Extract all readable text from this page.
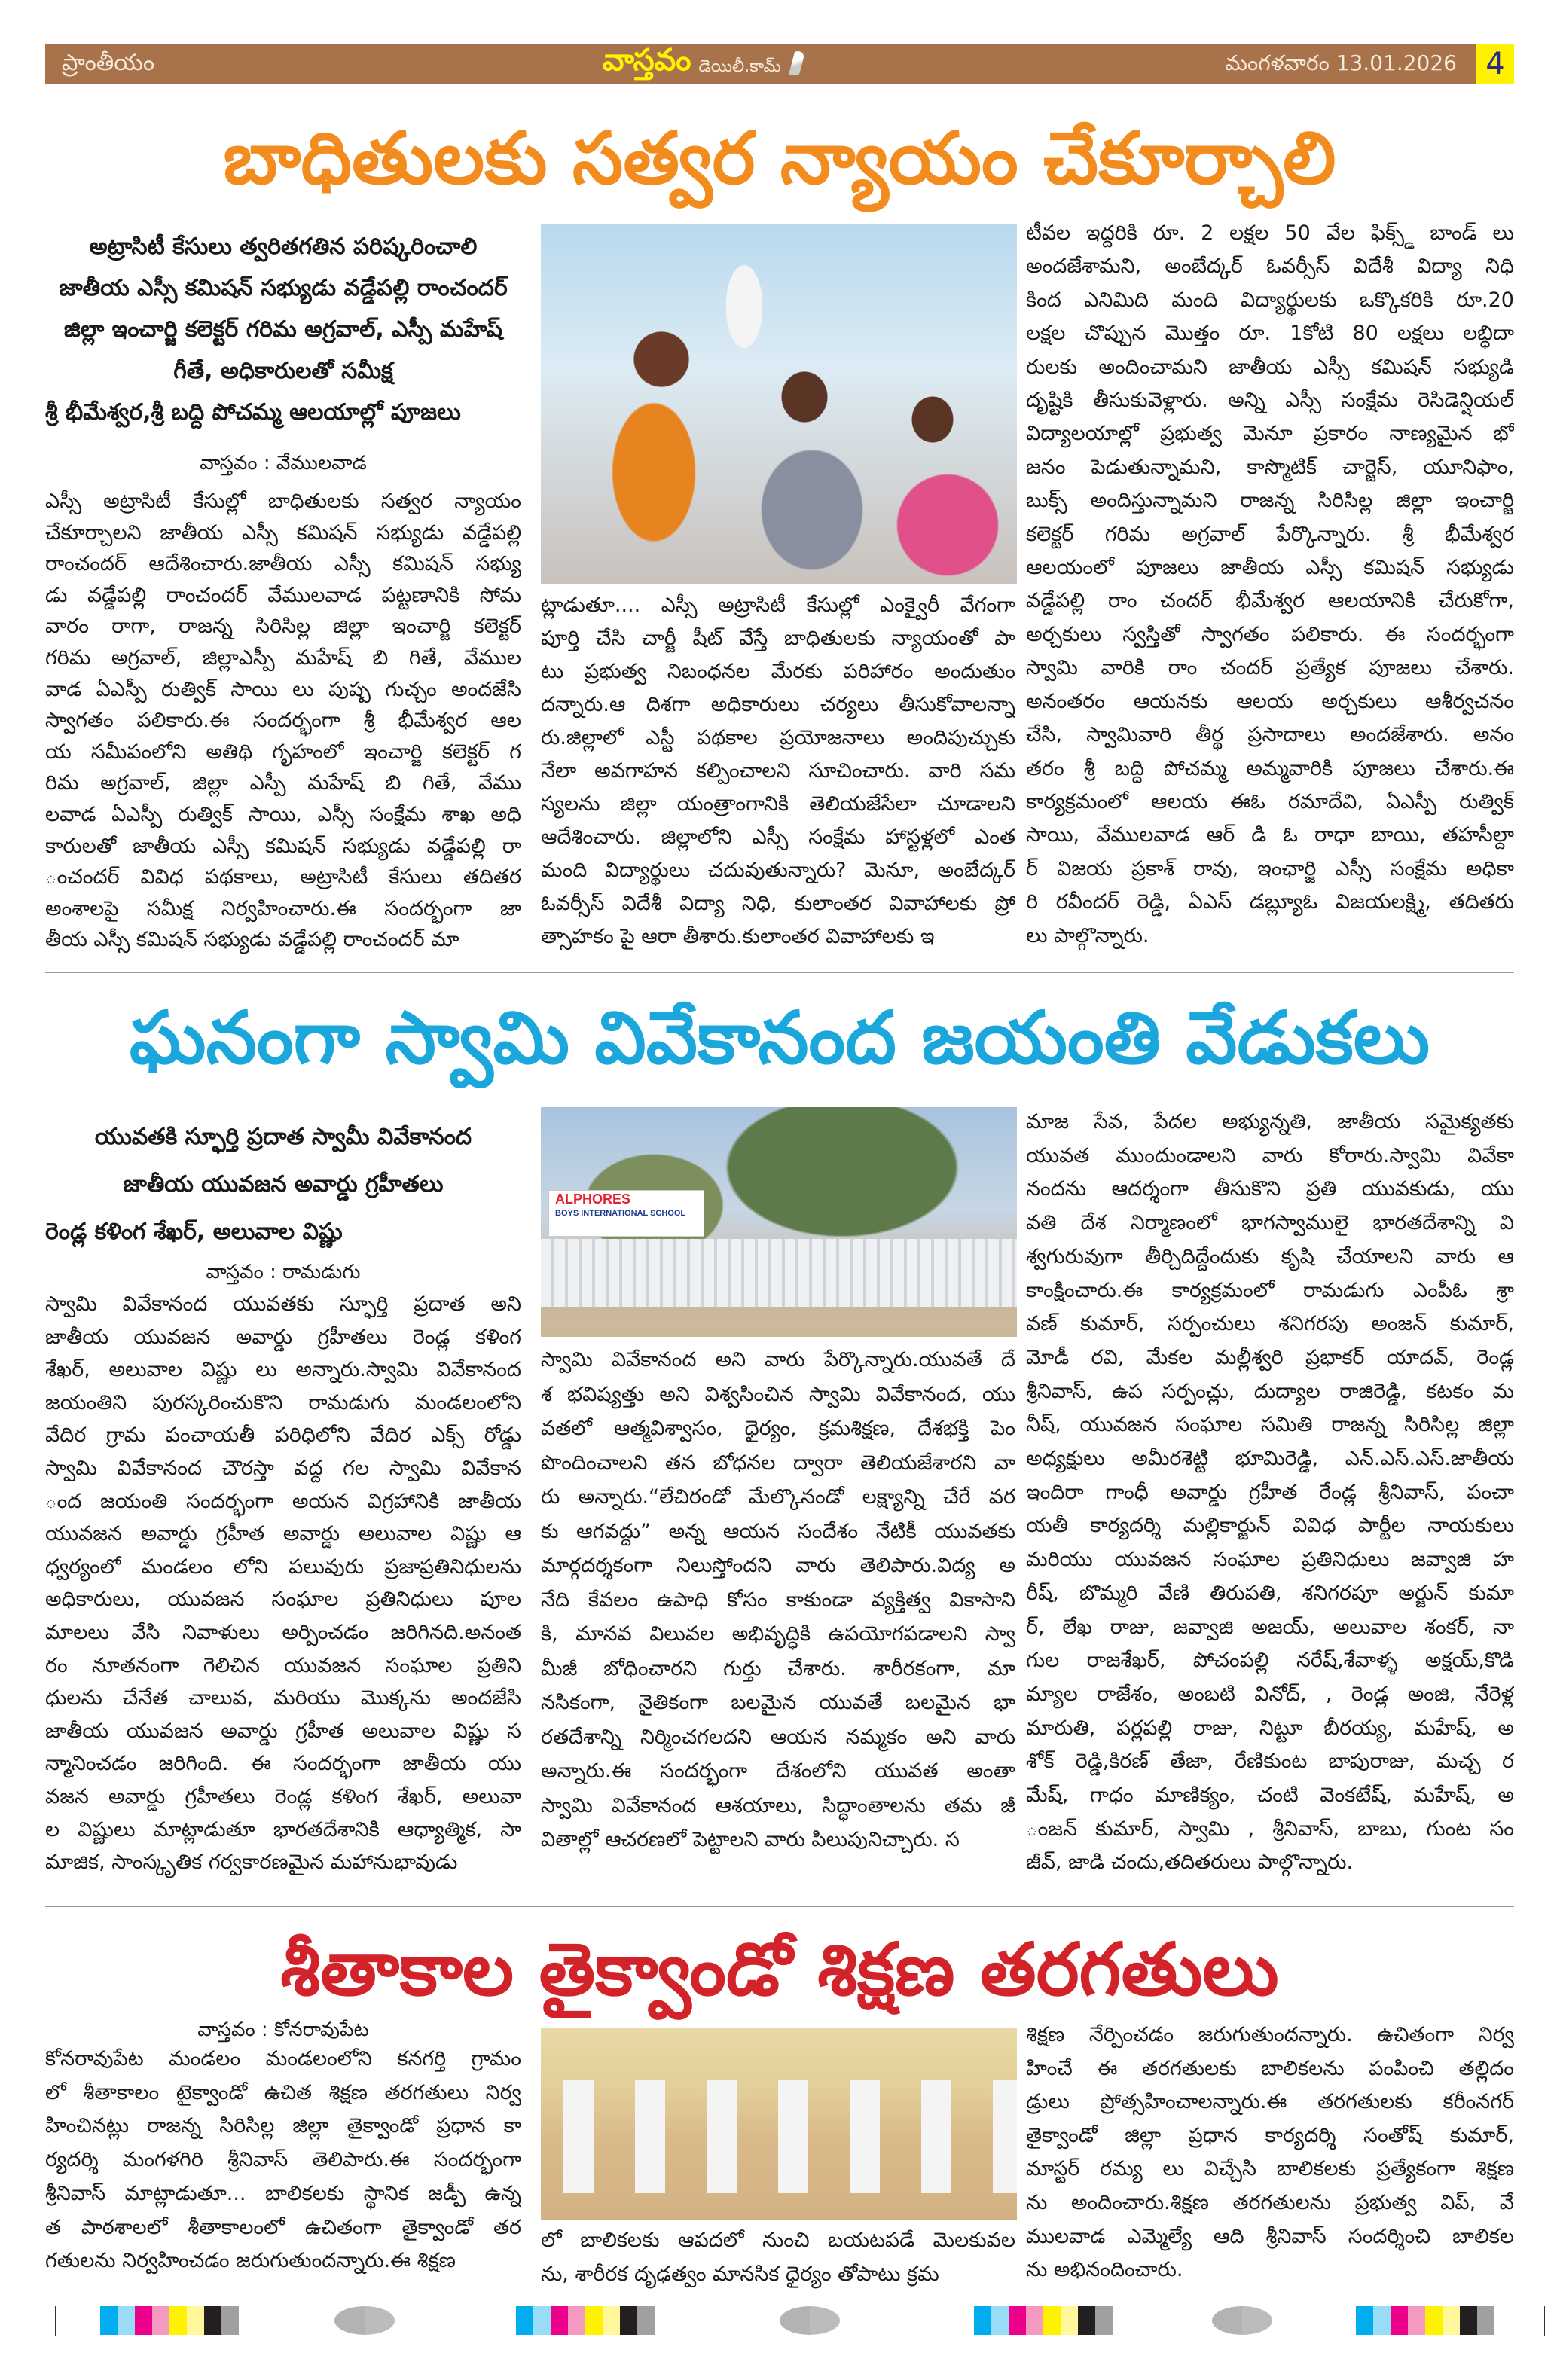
ప్రాంతీయం	వాస్తవం డెయిలీ.కామ్	మంగళవారం 13.01.2026 4
బాధితులకు సత్వర న్యాయం చేకూర్చాలి
అట్రాసిటీ కేసులు త్వరితగతిన పరిష్కరించాలి
జాతీయ ఎస్సీ కమిషన్ సభ్యుడు వడ్డేపల్లి రాంచందర్
జిల్లా ఇంచార్జి కలెక్టర్ గరిమ అగ్రవాల్, ఎస్పీ మహేష్
గీతే, అధికారులతో సమీక్ష
శ్రీ భీమేశ్వర,శ్రీ బద్ది పోచమ్మ ఆలయాల్లో పూజలు
వాస్తవం : వేములవాడ
ఎస్సీ అట్రాసిటీ కేసుల్లో బాధితులకు సత్వర న్యాయం
చేకూర్చాలని జాతీయ ఎస్సీ కమిషన్ సభ్యుడు వడ్డేపల్లి
రాంచందర్ ఆదేశించారు.జాతీయ ఎస్సీ కమిషన్ సభ్యు
డు వడ్డేపల్లి రాంచందర్ వేములవాడ పట్టణానికి సోమ
వారం రాగా, రాజన్న సిరిసిల్ల జిల్లా ఇంచార్జి కలెక్టర్
గరిమ అగ్రవాల్, జిల్లాఎస్పీ మహేష్ బి గితే, వేముల
వాడ ఏఎస్పీ రుత్విక్ సాయి లు పుష్ప గుచ్చం అందజేసి
స్వాగతం పలికారు.ఈ సందర్భంగా శ్రీ భీమేశ్వర ఆల
య సమీపంలోని అతిథి గృహంలో ఇంచార్జి కలెక్టర్ గ
రిమ అగ్రవాల్, జిల్లా ఎస్పీ మహేష్ బి గితే, వేము
లవాడ ఏఎస్పీ రుత్విక్ సాయి, ఎస్సీ సంక్షేమ శాఖ అధి
కారులతో జాతీయ ఎస్సీ కమిషన్ సభ్యుడు వడ్డేపల్లి రా
ంచందర్ వివిధ పథకాలు, అట్రాసిటీ కేసులు తదితర
అంశాలపై సమీక్ష నిర్వహించారు.ఈ సందర్భంగా జా
తీయ ఎస్సీ కమిషన్ సభ్యుడు వడ్డేపల్లి రాంచందర్ మా
ట్లాడుతూ.... ఎస్సీ అట్రాసిటీ కేసుల్లో ఎంక్వైరీ వేగంగా
పూర్తి చేసి చార్జీ షీట్ వేస్తే బాధితులకు న్యాయంతో పా
టు ప్రభుత్వ నిబంధనల మేరకు పరిహారం అందుతుం
దన్నారు.ఆ దిశగా అధికారులు చర్యలు తీసుకోవాలన్నా
రు.జిల్లాలో ఎస్టీ పథకాల ప్రయోజనాలు అందిపుచ్చుకు
నేలా అవగాహన కల్పించాలని సూచించారు. వారి సమ
స్యలను జిల్లా యంత్రాంగానికి తెలియజేసేలా చూడాలని
ఆదేశించారు. జిల్లాలోని ఎస్సీ సంక్షేమ హాస్టళ్లలో ఎంత
మంది విద్యార్థులు చదువుతున్నారు? మెనూ, అంబేద్కర్
ఓవర్సీస్ విదేశీ విద్యా నిధి, కులాంతర వివాహాలకు ప్రో
త్సాహకం పై ఆరా తీశారు.కులాంతర వివాహాలకు ఇ
టీవల ఇద్దరికి రూ. 2 లక్షల 50 వేల ఫిక్స్డ్ బాండ్ లు
అందజేశామని, అంబేద్కర్ ఓవర్సీస్ విదేశీ విద్యా నిధి
కింద ఎనిమిది మంది విద్యార్థులకు ఒక్కొకరికి రూ.20
లక్షల చొప్పున మొత్తం రూ. 1కోటి 80 లక్షలు లబ్ధిదా
రులకు అందించామని జాతీయ ఎస్సీ కమిషన్ సభ్యుడి
దృష్టికి తీసుకువెళ్లారు. అన్ని ఎస్సీ సంక్షేమ రెసిడెన్షియల్
విద్యాలయాల్లో ప్రభుత్వ మెనూ ప్రకారం నాణ్యమైన భో
జనం పెడుతున్నామని, కాస్మొటిక్ చార్జెస్, యూనిఫాం,
బుక్స్ అందిస్తున్నామని రాజన్న సిరిసిల్ల జిల్లా ఇంచార్జి
కలెక్టర్ గరిమ అగ్రవాల్ పేర్కొన్నారు. శ్రీ భీమేశ్వర
ఆలయంలో పూజలు జాతీయ ఎస్సీ కమిషన్ సభ్యుడు
వడ్డేపల్లి రాం చందర్ భీమేశ్వర ఆలయానికి చేరుకోగా,
అర్చకులు స్వస్తితో స్వాగతం పలికారు. ఈ సందర్భంగా
స్వామి వారికి రాం చందర్ ప్రత్యేక పూజలు చేశారు.
అనంతరం ఆయనకు ఆలయ అర్చకులు ఆశీర్వచనం
చేసి, స్వామివారి తీర్థ ప్రసాదాలు అందజేశారు. అనం
తరం శ్రీ బద్ది పోచమ్మ అమ్మవారికి పూజలు చేశారు.ఈ
కార్యక్రమంలో ఆలయ ఈఓ రమాదేవి, ఏఎస్పీ రుత్విక్
సాయి, వేములవాడ ఆర్ డి ఓ రాధా బాయి, తహసీల్దా
ర్ విజయ ప్రకాశ్ రావు, ఇంఛార్జి ఎస్సీ సంక్షేమ అధికా
రి రవీందర్ రెడ్డి, ఏఎస్ డబ్ల్యూఓ విజయలక్ష్మి, తదితరు
లు పాల్గొన్నారు.
ఘనంగా స్వామి వివేకానంద జయంతి వేడుకలు
యువతకి స్ఫూర్తి ప్రదాత స్వామీ వివేకానంద
జాతీయ యువజన అవార్డు గ్రహీతలు
రెండ్ల కళింగ శేఖర్, అలువాల విష్ణు
వాస్తవం : రామడుగు
స్వామి వివేకానంద యువతకు స్ఫూర్తి ప్రదాత అని
జాతీయ యువజన అవార్డు గ్రహీతలు రెండ్ల కళింగ
శేఖర్, అలువాల విష్ణు లు అన్నారు.స్వామి వివేకానంద
జయంతిని పురస్కరించుకొని రామడుగు మండలంలోని
వేదిర గ్రామ పంచాయతీ పరిధిలోని వేదిర ఎక్స్ రోడ్డు
స్వామి వివేకానంద చౌరస్తా వద్ద గల స్వామి వివేకాన
ంద జయంతి సందర్భంగా అయన విగ్రహానికి జాతీయ
యువజన అవార్డు గ్రహీత అవార్డు అలువాల విష్ణు ఆ
ధ్వర్యంలో మండలం లోని పలువురు ప్రజాప్రతినిధులను
అధికారులు, యువజన సంఘాల ప్రతినిధులు పూల
మాలలు వేసి నివాళులు అర్పించడం జరిగినది.అనంత
రం నూతనంగా గెలిచిన యువజన సంఘాల ప్రతిని
ధులను చేనేత చాలువ, మరియు మొక్కను అందజేసి
జాతీయ యువజన అవార్డు గ్రహీత అలువాల విష్ణు స
న్మానించడం జరిగింది. ఈ సందర్భంగా జాతీయ యు
వజన అవార్డు గ్రహీతలు రెండ్ల కళింగ శేఖర్, అలువా
ల విష్ణులు మాట్లాడుతూ భారతదేశానికి ఆధ్యాత్మిక, సా
మాజిక, సాంస్కృతిక గర్వకారణమైన మహానుభావుడు
ALPHORES
BOYS INTERNATIONAL SCHOOL
స్వామి వివేకానంద అని వారు పేర్కొన్నారు.యువతే దే
శ భవిష్యత్తు అని విశ్వసించిన స్వామి వివేకానంద, యు
వతలో ఆత్మవిశ్వాసం, ధైర్యం, క్రమశిక్షణ, దేశభక్తి పెం
పొందించాలని తన బోధనల ద్వారా తెలియజేశారని వా
రు అన్నారు.“లేచిరండో మేల్కొనండో లక్ష్యాన్ని చేరే వర
కు ఆగవద్దు” అన్న ఆయన సందేశం నేటికీ యువతకు
మార్గదర్శకంగా నిలుస్తోందని వారు తెలిపారు.విద్య అ
నేది కేవలం ఉపాధి కోసం కాకుండా వ్యక్తిత్వ వికాసాని
కి, మానవ విలువల అభివృద్ధికి ఉపయోగపడాలని స్వా
మీజీ బోధించారని గుర్తు చేశారు. శారీరకంగా, మా
నసికంగా, నైతికంగా బలమైన యువతే బలమైన భా
రతదేశాన్ని నిర్మించగలదని ఆయన నమ్మకం అని వారు
అన్నారు.ఈ సందర్భంగా దేశంలోని యువత అంతా
స్వామి వివేకానంద ఆశయాలు, సిద్ధాంతాలను తమ జీ
వితాల్లో ఆచరణలో పెట్టాలని వారు పిలుపునిచ్చారు. స
మాజ సేవ, పేదల అభ్యున్నతి, జాతీయ సమైక్యతకు
యువత ముందుండాలని వారు కోరారు.స్వామి వివేకా
నందను ఆదర్శంగా తీసుకొని ప్రతి యువకుడు, యు
వతి దేశ నిర్మాణంలో భాగస్వాములై భారతదేశాన్ని వి
శ్వగురువుగా తీర్చిదిద్దేందుకు కృషి చేయాలని వారు ఆ
కాంక్షించారు.ఈ కార్యక్రమంలో రామడుగు ఎంపీఓ శ్రా
వణ్ కుమార్, సర్పంచులు శనిగరపు అంజన్ కుమార్,
మోడీ రవి, మేకల మల్లీశ్వరి ప్రభాకర్ యాదవ్, రెండ్ల
శ్రీనివాస్, ఉప సర్పంచ్లు, దుద్యాల రాజిరెడ్డి, కటకం మ
నీష్, యువజన సంఘాల సమితి రాజన్న సిరిసిల్ల జిల్లా
అధ్యక్షులు అమీరశెట్టి భూమిరెడ్డి, ఎన్.ఎస్.ఎస్.జాతీయ
ఇందిరా గాంధీ అవార్డు గ్రహీత రేండ్ల శ్రీనివాస్, పంచా
యతీ కార్యదర్శి మల్లికార్జున్ వివిధ పార్టీల నాయకులు
మరియు యువజన సంఘాల ప్రతినిధులు జవ్వాజి హ
రీష్, బొమ్మరి వేణి తిరుపతి, శనిగరపూ అర్జున్ కుమా
ర్, లేఖ రాజు, జవ్వాజి అజయ్, అలువాల శంకర్, నా
గుల రాజశేఖర్, పోచంపల్లి నరేష్,శేవాళ్ళ అక్షయ్,కొడి
మ్యాల రాజేశం, అంబటి వినోద్, , రెండ్ల అంజి, నేరెళ్ల
మారుతి, పర్లపల్లి రాజు, నిట్టూ బీరయ్య, మహేష్, అ
శోక్ రెడ్డి,కిరణ్ తేజా, రేణికుంట బాపురాజు, మచ్చ ర
మేష్, గాధం మాణిక్యం, చంటి వెంకటేష్, మహేష్, అ
ంజన్ కుమార్, స్వామి , శ్రీనివాస్, బాబు, గుంట సం
జీవ్, జాడి చందు,తదితరులు పాల్గొన్నారు.
శీతాకాల తైక్వాండో శిక్షణ తరగతులు
వాస్తవం : కోనరావుపేట
కోనరావుపేట మండలం మండలంలోని కనగర్తి గ్రామం
లో శీతాకాలం టైక్వాండో ఉచిత శిక్షణ తరగతులు నిర్వ
హించినట్లు రాజన్న సిరిసిల్ల జిల్లా తైక్వాండో ప్రధాన కా
ర్యదర్శి మంగళగిరి శ్రీనివాస్ తెలిపారు.ఈ సందర్భంగా
శ్రీనివాస్ మాట్లాడుతూ... బాలికలకు స్థానిక జడ్పీ ఉన్న
త పాఠశాలలో శీతాకాలంలో ఉచితంగా తైక్వాండో తర
గతులను నిర్వహించడం జరుగుతుందన్నారు.ఈ శిక్షణ
లో బాలికలకు ఆపదలో నుంచి బయటపడే మెలకువల
ను, శారీరక దృఢత్వం మానసిక ధైర్యం తోపాటు క్రమ
శిక్షణ నేర్పించడం జరుగుతుందన్నారు. ఉచితంగా నిర్వ
హించే ఈ తరగతులకు బాలికలను పంపించి తల్లిదం
డ్రులు ప్రోత్సహించాలన్నారు.ఈ తరగతులకు కరీంనగర్
తైక్వాండో జిల్లా ప్రధాన కార్యదర్శి సంతోష్ కుమార్,
మాస్టర్ రమ్య లు విచ్చేసి బాలికలకు ప్రత్యేకంగా శిక్షణ
ను అందించారు.శిక్షణ తరగతులను ప్రభుత్వ విప్, వే
ములవాడ ఎమ్మెల్యే ఆది శ్రీనివాస్ సందర్శించి బాలికల
ను అభినందించారు.
